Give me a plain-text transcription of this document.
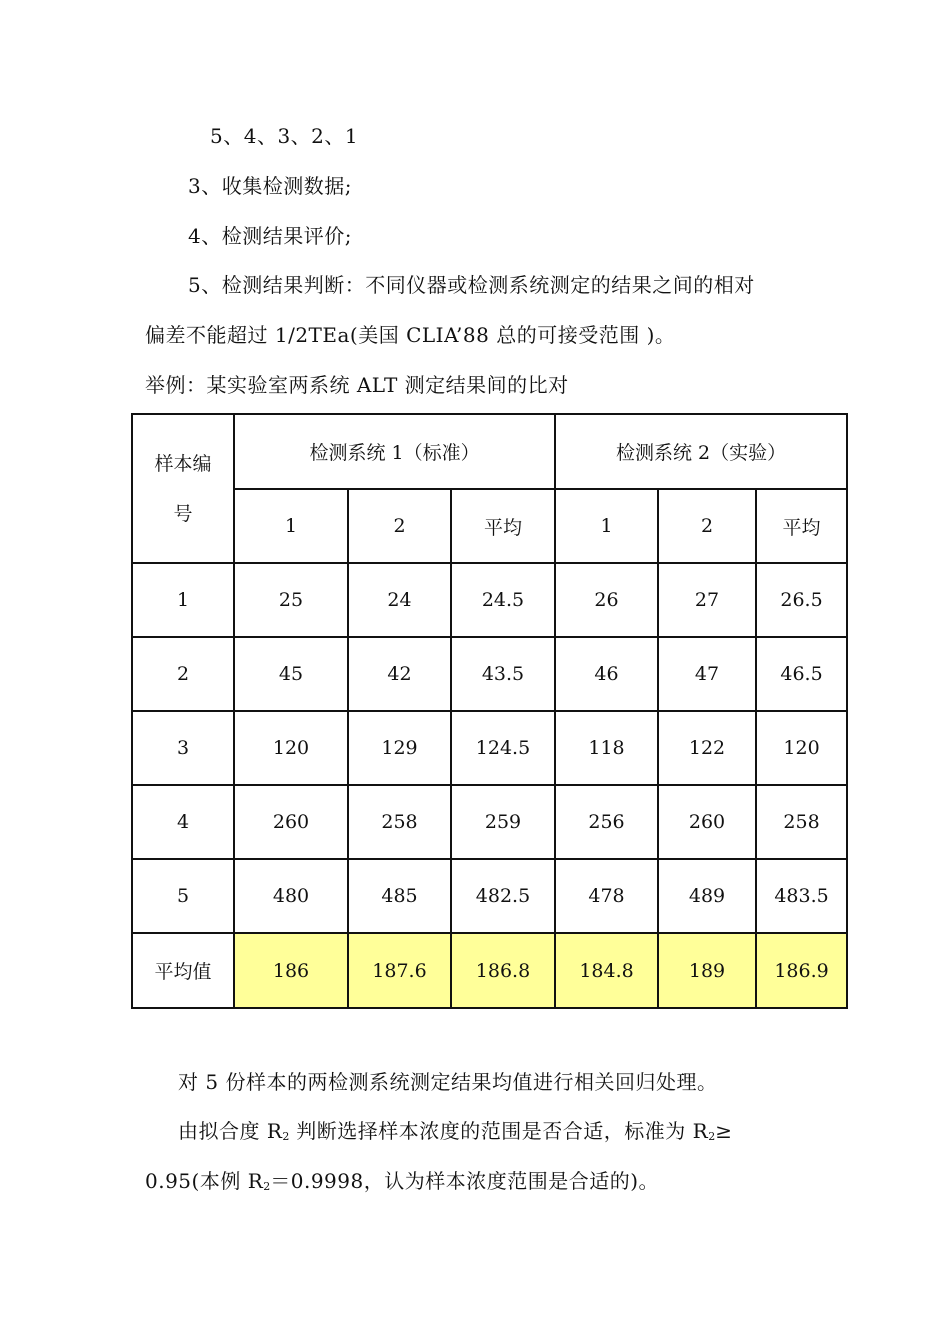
5、4、3、2、1
3、收集检测数据;
4、检测结果评价;
5、检测结果判断：不同仪器或检测系统测定的结果之间的相对
偏差不能超过 1/2TEa(美国 CLIA’88 总的可接受范围 )。
举例：某实验室两系统 ALT 测定结果间的比对
样本编
号	检测系统 1（标准）			检测系统 2（实验）		
	1	2	平均	1	2	平均
1	25	24	24.5	26	27	26.5
2	45	42	43.5	46	47	46.5
3	120	129	124.5	118	122	120
4	260	258	259	256	260	258
5	480	485	482.5	478	489	483.5
平均值	186	187.6	186.8	184.8	189	186.9
对 5 份样本的两检测系统测定结果均值进行相关回归处理。
由拟合度 R2 判断选择样本浓度的范围是否合适，标准为 R2≥
0.95(本例 R2＝0.9998，认为样本浓度范围是合适的)。
